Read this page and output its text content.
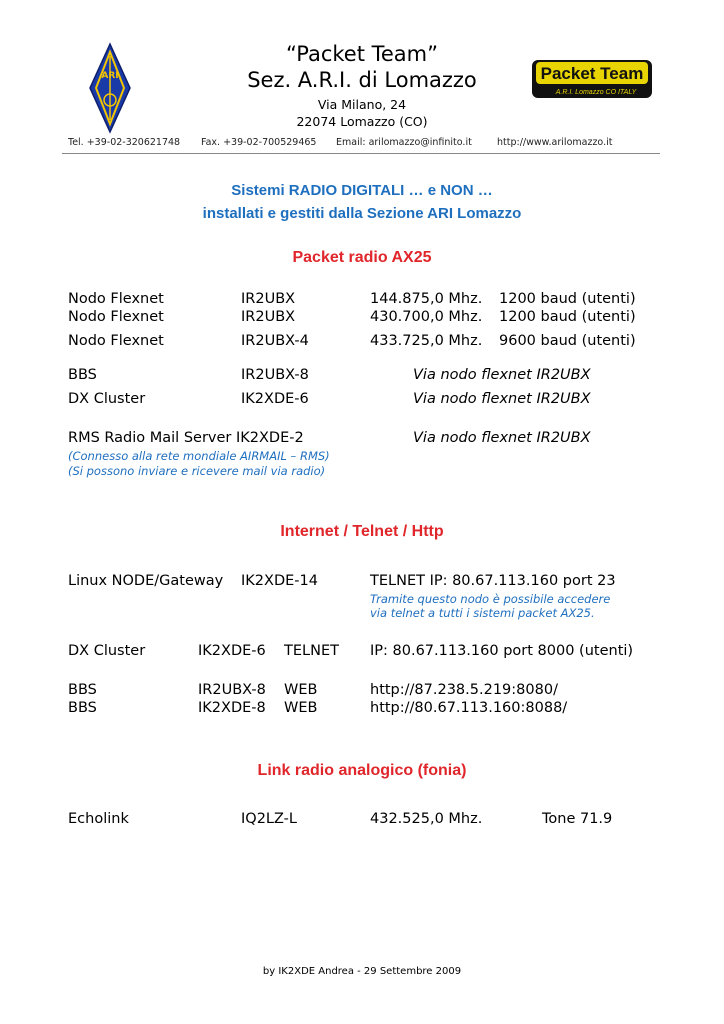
ARI	Packet Team
A.R.I. Lomazzo CO ITALY
“Packet Team”
Sez. A.R.I. di Lomazzo
Via Milano, 24
22074 Lomazzo (CO)
Tel. +39-02-320621748 Fax. +39-02-700529465 Email: arilomazzo@infinito.it	http://www.arilomazzo.it
Sistemi RADIO DIGITALI … e NON …
installati e gestiti dalla Sezione ARI Lomazzo
Packet radio AX25
Nodo Flexnet	IR2UBX	144.875,0 Mhz. 1200 baud (utenti)
Nodo Flexnet	IR2UBX	430.700,0 Mhz. 1200 baud (utenti)
Nodo Flexnet	IR2UBX-4	433.725,0 Mhz. 9600 baud (utenti)
BBS	IR2UBX-8	Via nodo flexnet IR2UBX
DX Cluster	IK2XDE-6	Via nodo flexnet IR2UBX
RMS Radio Mail Server IK2XDE-2	Via nodo flexnet IR2UBX
(Connesso alla rete mondiale AIRMAIL – RMS)
(Si possono inviare e ricevere mail via radio)
Internet / Telnet / Http
Linux NODE/Gateway IK2XDE-14	TELNET IP: 80.67.113.160 port 23
Tramite questo nodo è possibile accedere
via telnet a tutti i sistemi packet AX25.
DX Cluster	IK2XDE-6 TELNET IP: 80.67.113.160 port 8000 (utenti)
BBS	IR2UBX-8 WEB	http://87.238.5.219:8080/
BBS	IK2XDE-8 WEB	http://80.67.113.160:8088/
Link radio analogico (fonia)
Echolink	IQ2LZ-L	432.525,0 Mhz.	Tone 71.9
by IK2XDE Andrea - 29 Settembre 2009
